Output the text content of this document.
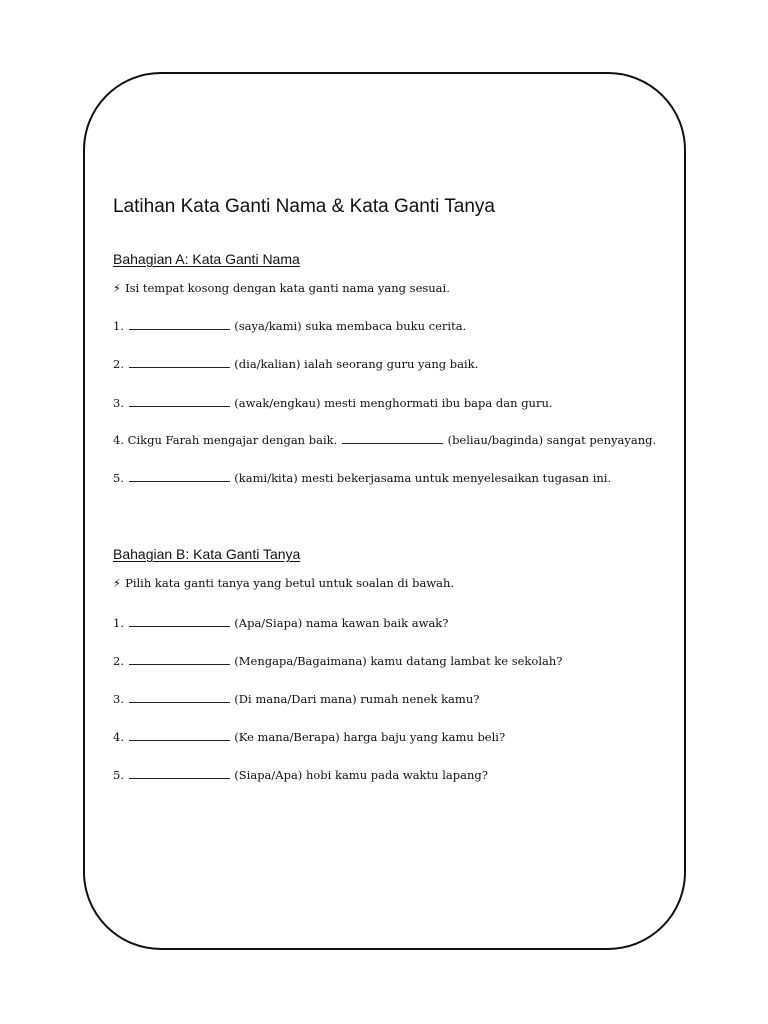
Latihan Kata Ganti Nama & Kata Ganti Tanya
Bahagian A: Kata Ganti Nama
⚡ Isi tempat kosong dengan kata ganti nama yang sesuai.
1.	(saya/kami) suka membaca buku cerita.
2.	(dia/kalian) ialah seorang guru yang baik.
3.	(awak/engkau) mesti menghormati ibu bapa dan guru.
4. Cikgu Farah mengajar dengan baik.	(beliau/baginda) sangat penyayang.
5.	(kami/kita) mesti bekerjasama untuk menyelesaikan tugasan ini.
Bahagian B: Kata Ganti Tanya
⚡ Pilih kata ganti tanya yang betul untuk soalan di bawah.
1.	(Apa/Siapa) nama kawan baik awak?
2.	(Mengapa/Bagaimana) kamu datang lambat ke sekolah?
3.	(Di mana/Dari mana) rumah nenek kamu?
4.	(Ke mana/Berapa) harga baju yang kamu beli?
5.	(Siapa/Apa) hobi kamu pada waktu lapang?
